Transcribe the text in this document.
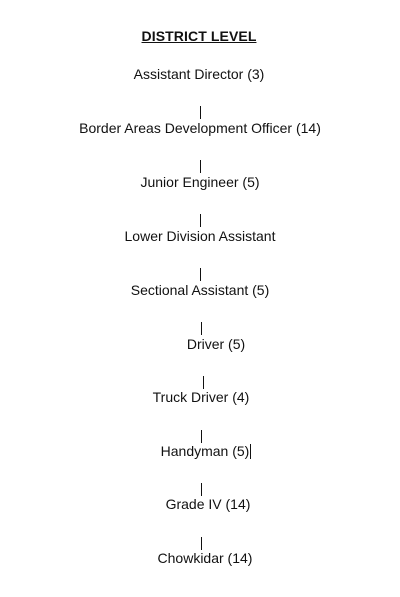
DISTRICT LEVEL
Assistant Director (3)
Border Areas Development Officer (14)
Junior Engineer (5)
Lower Division Assistant
Sectional Assistant (5)
Driver (5)
Truck Driver (4)
Handyman (5)
Grade IV (14)
Chowkidar (14)
